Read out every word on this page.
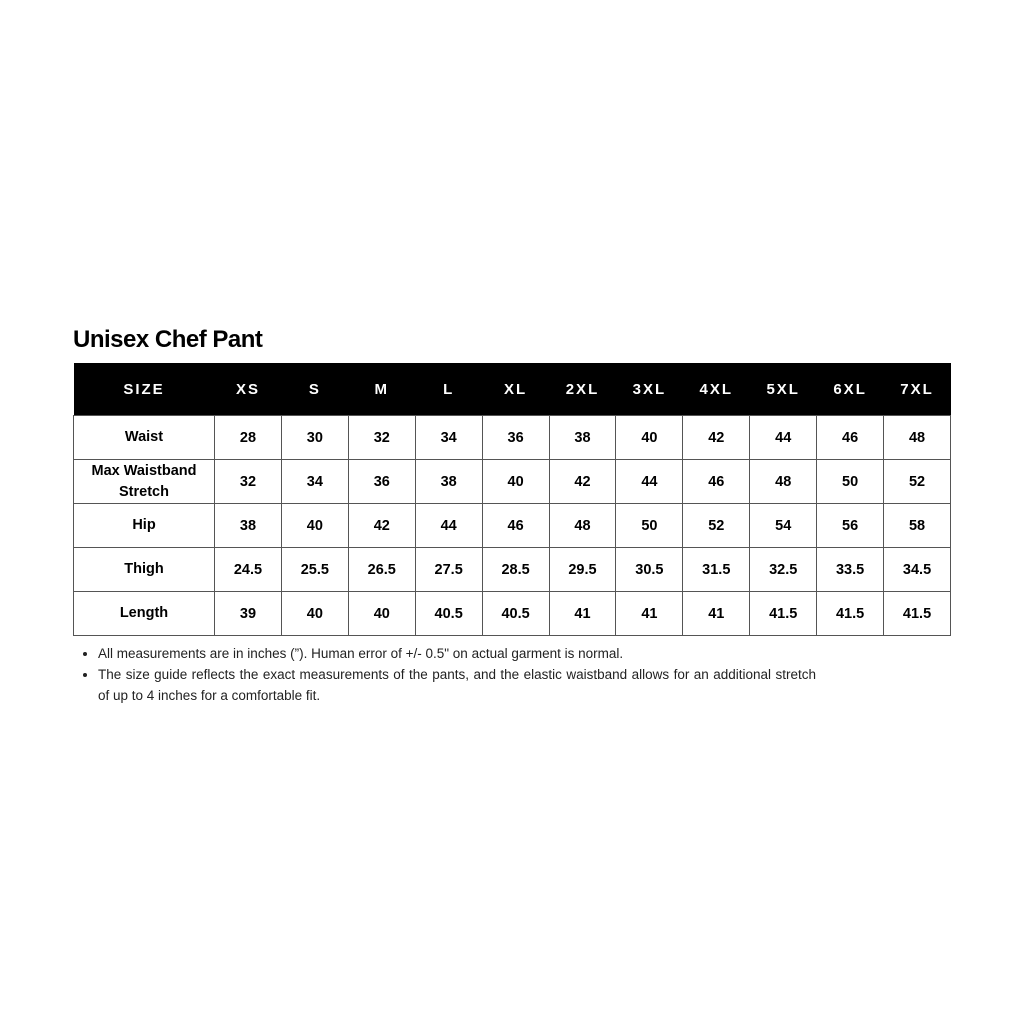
Unisex Chef Pant
SIZE	XS	S	M	L	XL	2XL	3XL	4XL	5XL	6XL	7XL
Waist	28	30	32	34	36	38	40	42	44	46	48
Max Waistband Stretch	32	34	36	38	40	42	44	46	48	50	52
Hip	38	40	42	44	46	48	50	52	54	56	58
Thigh	24.5	25.5	26.5	27.5	28.5	29.5	30.5	31.5	32.5	33.5	34.5
Length	39	40	40	40.5	40.5	41	41	41	41.5	41.5	41.5
• All measurements are in inches (”). Human error of +/- 0.5" on actual garment is normal.
• The size guide reflects the exact measurements of the pants, and the elastic waistband allows for an additional stretch of up to 4 inches for a comfortable fit.
